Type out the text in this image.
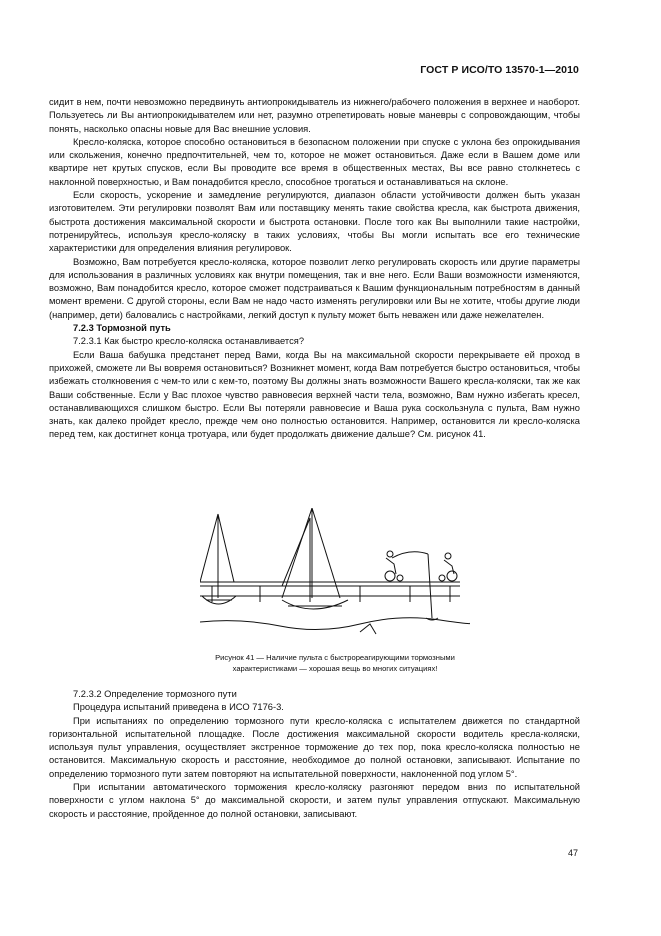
ГОСТ Р ИСО/ТО 13570-1—2010

сидит в нем, почти невозможно передвинуть антиопрокидыватель из нижнего/рабочего положения в верхнее и наоборот. Пользуетесь ли Вы антиопрокидывателем или нет, разумно отрепетировать новые маневры с сопровождающим, чтобы понять, насколько опасны новые для Вас внешние условия.

Кресло-коляска, которое способно остановиться в безопасном положении при спуске с уклона без опрокидывания или скольжения, конечно предпочтительней, чем то, которое не может остановиться. Даже если в Вашем доме или квартире нет крутых спусков, если Вы проводите все время в общественных местах, Вы все равно столкнетесь с наклонной поверхностью, и Вам понадобится кресло, способное трогаться и останавливаться на склоне.

Если скорость, ускорение и замедление регулируются, диапазон области устойчивости должен быть указан изготовителем. Эти регулировки позволят Вам или поставщику менять такие свойства кресла, как быстрота движения, быстрота достижения максимальной скорости и быстрота остановки. После того как Вы выполнили такие настройки, потренируйтесь, используя кресло-коляску в таких условиях, чтобы Вы могли испытать все его технические характеристики для определения влияния регулировок.

Возможно, Вам потребуется кресло-коляска, которое позволит легко регулировать скорость или другие параметры для использования в различных условиях как внутри помещения, так и вне него. Если Ваши возможности изменяются, возможно, Вам понадобится кресло, которое сможет подстраиваться к Вашим функциональным потребностям в данный момент времени. С другой стороны, если Вам не надо часто изменять регулировки или Вы не хотите, чтобы другие люди (например, дети) баловались с настройками, легкий доступ к пульту может быть неважен или даже нежелателен.

7.2.3 Тормозной путь

7.2.3.1 Как быстро кресло-коляска останавливается?

Если Ваша бабушка предстанет перед Вами, когда Вы на максимальной скорости перекрываете ей проход в прихожей, сможете ли Вы вовремя остановиться? Возникнет момент, когда Вам потребуется быстро остановиться, чтобы избежать столкновения с чем-то или с кем-то, поэтому Вы должны знать возможности Вашего кресла-коляски, так же как Ваши собственные. Если у Вас плохое чувство равновесия верхней части тела, возможно, Вам нужно избегать кресел, останавливающихся слишком быстро. Если Вы потеряли равновесие и Ваша рука соскользнула с пульта, Вам нужно знать, как далеко пройдет кресло, прежде чем оно полностью остановится. Например, остановится ли кресло-коляска перед тем, как достигнет конца тротуара, или будет продолжать движение дальше? См. рисунок 41.

Рисунок 41 — Наличие пульта с быстрореагирующими тормозными
характеристиками — хорошая вещь во многих ситуациях!

7.2.3.2 Определение тормозного пути

Процедура испытаний приведена в ИСО 7176-3.

При испытаниях по определению тормозного пути кресло-коляска с испытателем движется по стандартной горизонтальной испытательной площадке. После достижения максимальной скорости водитель кресла-коляски, используя пульт управления, осуществляет экстренное торможение до тех пор, пока кресло-коляска полностью не остановится. Максимальную скорость и расстояние, необходимое до полной остановки, записывают. Испытание по определению тормозного пути затем повторяют на испытательной поверхности, наклоненной под углом 5°.

При испытании автоматического торможения кресло-коляску разгоняют передом вниз по испытательной поверхности с углом наклона 5° до максимальной скорости, и затем пульт управления отпускают. Максимальную скорость и расстояние, пройденное до полной остановки, записывают.

47
